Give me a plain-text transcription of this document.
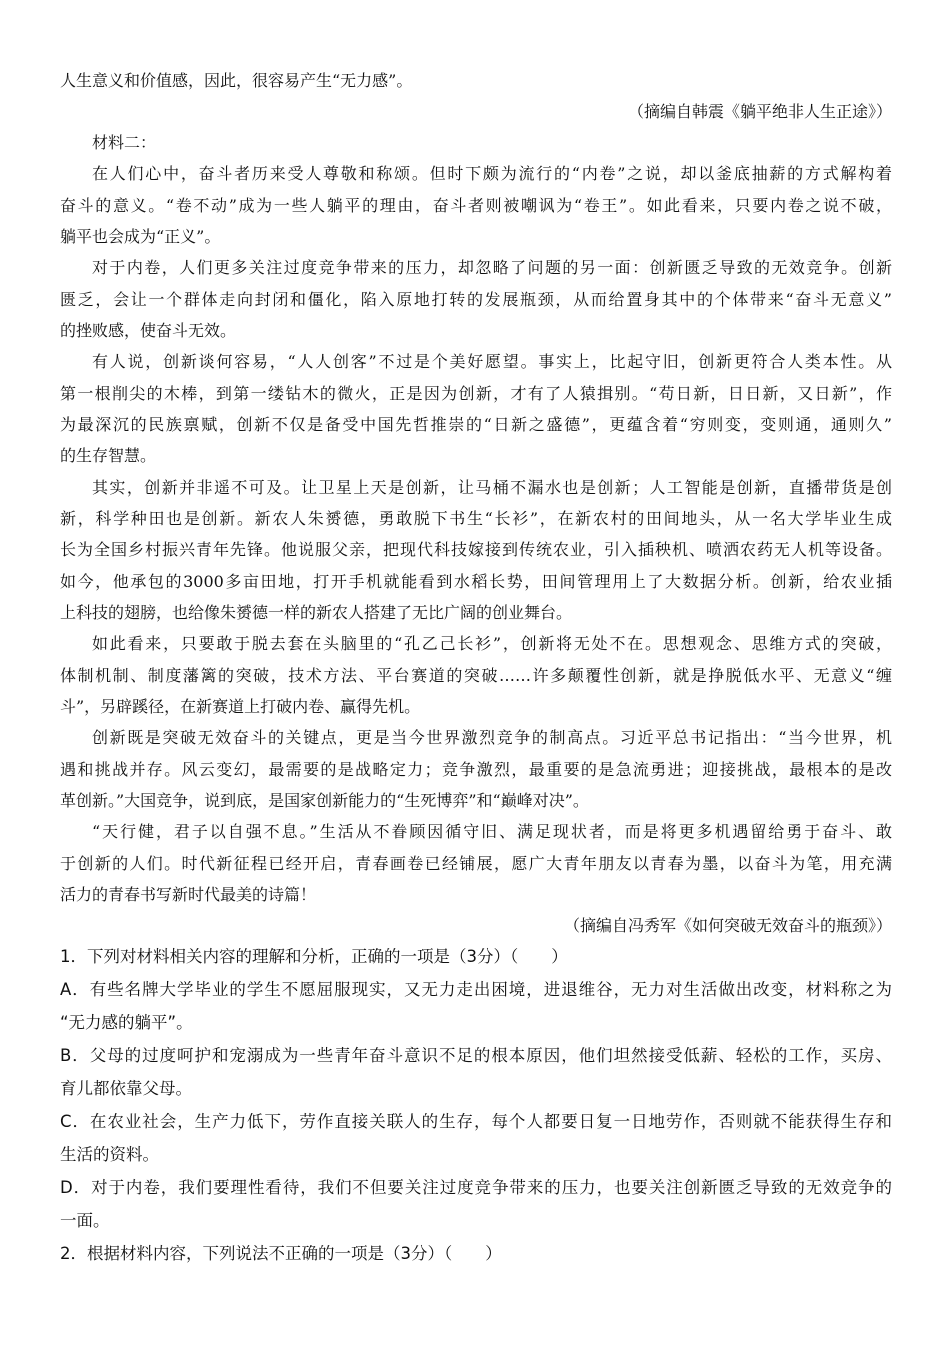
人生意义和价值感，因此，很容易产生“无力感”。
（摘编自韩震《躺平绝非人生正途》）
材料二：
在人们心中，奋斗者历来受人尊敬和称颂。但时下颇为流行的“内卷”之说，却以釜底抽薪的方式解构着
奋斗的意义。“卷不动”成为一些人躺平的理由，奋斗者则被嘲讽为“卷王”。如此看来，只要内卷之说不破，
躺平也会成为“正义”。
对于内卷，人们更多关注过度竞争带来的压力，却忽略了问题的另一面：创新匮乏导致的无效竞争。创新
匮乏，会让一个群体走向封闭和僵化，陷入原地打转的发展瓶颈，从而给置身其中的个体带来“奋斗无意义”
的挫败感，使奋斗无效。
有人说，创新谈何容易，“人人创客”不过是个美好愿望。事实上，比起守旧，创新更符合人类本性。从
第一根削尖的木棒，到第一缕钻木的微火，正是因为创新，才有了人猿揖别。“苟日新，日日新，又日新”，作
为最深沉的民族禀赋，创新不仅是备受中国先哲推崇的“日新之盛德”，更蕴含着“穷则变，变则通，通则久”
的生存智慧。
其实，创新并非遥不可及。让卫星上天是创新，让马桶不漏水也是创新；人工智能是创新，直播带货是创
新，科学种田也是创新。新农人朱赟德，勇敢脱下书生“长衫”，在新农村的田间地头，从一名大学毕业生成
长为全国乡村振兴青年先锋。他说服父亲，把现代科技嫁接到传统农业，引入插秧机、喷洒农药无人机等设备。
如今，他承包的3000多亩田地，打开手机就能看到水稻长势，田间管理用上了大数据分析。创新，给农业插
上科技的翅膀，也给像朱赟德一样的新农人搭建了无比广阔的创业舞台。
如此看来，只要敢于脱去套在头脑里的“孔乙己长衫”，创新将无处不在。思想观念、思维方式的突破，
体制机制、制度藩篱的突破，技术方法、平台赛道的突破……许多颠覆性创新，就是挣脱低水平、无意义“缠
斗”，另辟蹊径，在新赛道上打破内卷、赢得先机。
创新既是突破无效奋斗的关键点，更是当今世界激烈竞争的制高点。习近平总书记指出：“当今世界，机
遇和挑战并存。风云变幻，最需要的是战略定力；竞争激烈，最重要的是急流勇进；迎接挑战，最根本的是改
革创新。”大国竞争，说到底，是国家创新能力的“生死博弈”和“巅峰对决”。
“天行健，君子以自强不息。”生活从不眷顾因循守旧、满足现状者，而是将更多机遇留给勇于奋斗、敢
于创新的人们。时代新征程已经开启，青春画卷已经铺展，愿广大青年朋友以青春为墨，以奋斗为笔，用充满
活力的青春书写新时代最美的诗篇！
（摘编自冯秀军《如何突破无效奋斗的瓶颈》）
1．下列对材料相关内容的理解和分析，正确的一项是（3分）（　　）
A．有些名牌大学毕业的学生不愿屈服现实，又无力走出困境，进退维谷，无力对生活做出改变，材料称之为
“无力感的躺平”。
B．父母的过度呵护和宠溺成为一些青年奋斗意识不足的根本原因，他们坦然接受低薪、轻松的工作，买房、
育儿都依靠父母。
C．在农业社会，生产力低下，劳作直接关联人的生存，每个人都要日复一日地劳作，否则就不能获得生存和
生活的资料。
D．对于内卷，我们要理性看待，我们不但要关注过度竞争带来的压力，也要关注创新匮乏导致的无效竞争的
一面。
2．根据材料内容，下列说法不正确的一项是（3分）（　　）
